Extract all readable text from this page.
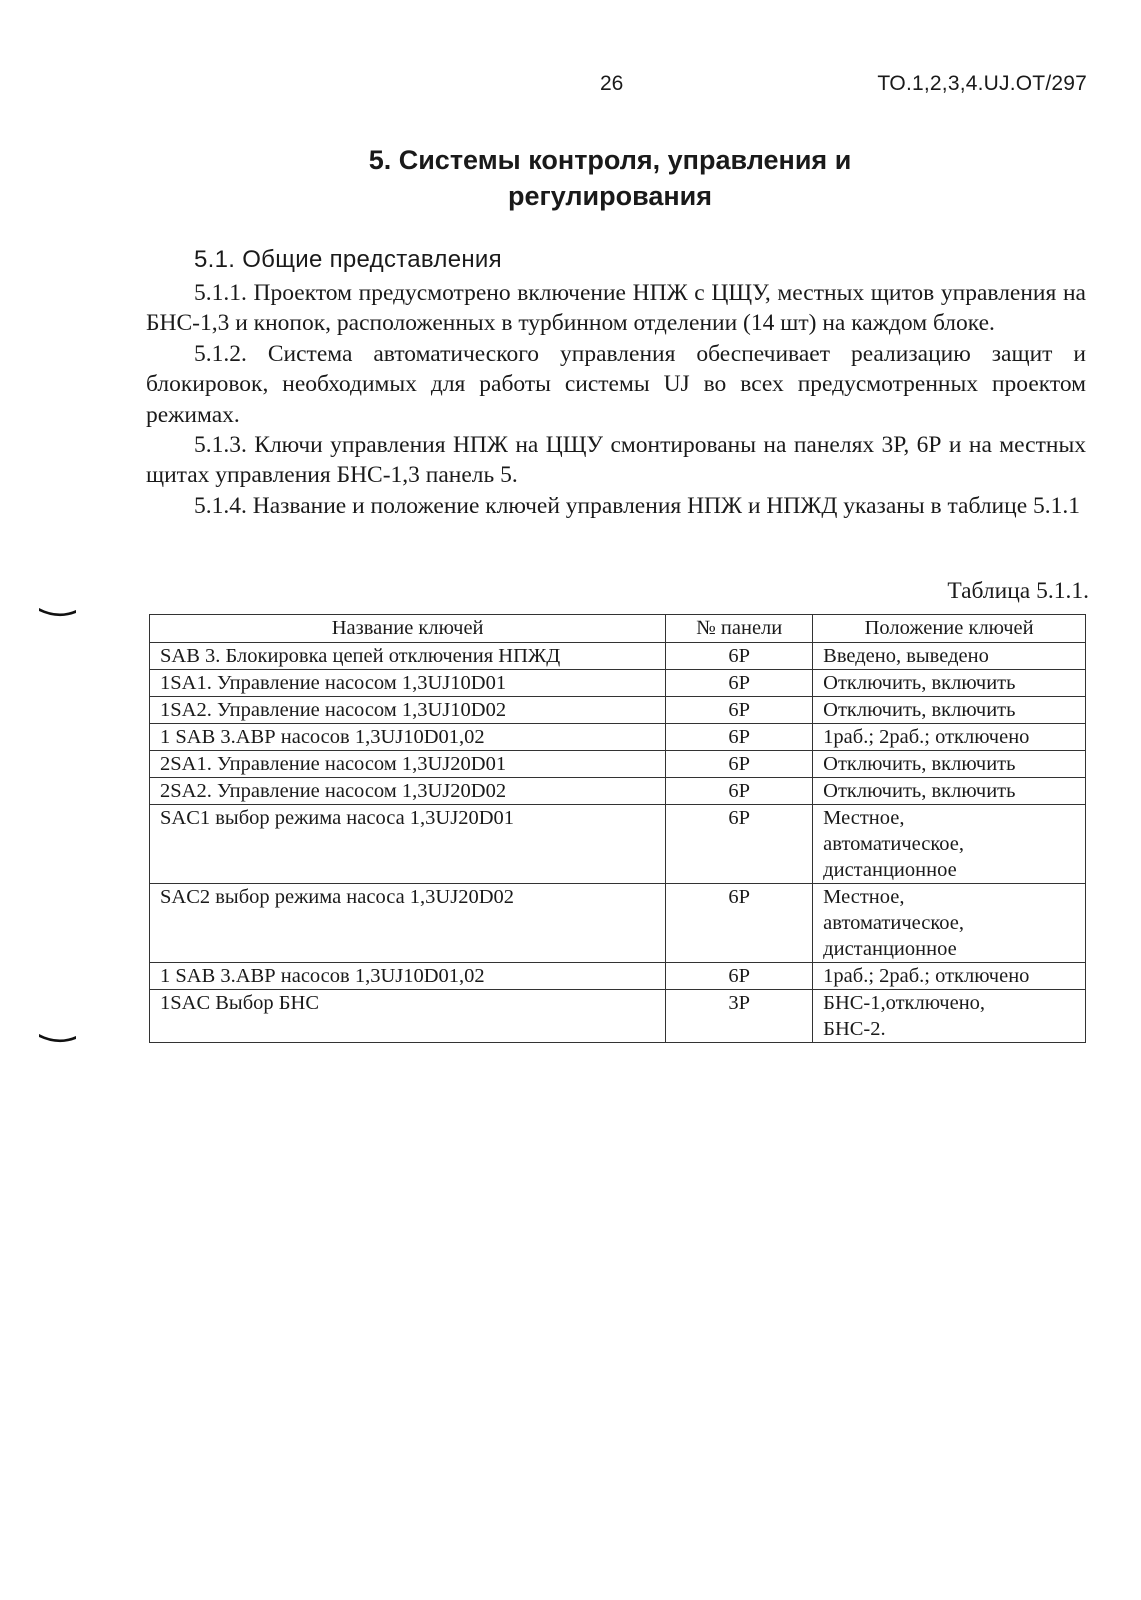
26	ТО.1,2,3,4.UJ.OT/297
5. Системы контроля, управления и
регулирования
5.1. Общие представления

5.1.1. Проектом предусмотрено включение НПЖ с ЦЩУ, местных щитов управления на БНС-1,3 и кнопок, расположенных в турбинном отделении (14 шт) на каждом блоке.

5.1.2. Система автоматического управления обеспечивает реализацию защит и блокировок, необходимых для работы системы UJ во всех предусмотренных проектом режимах.

5.1.3. Ключи управления НПЖ на ЦЩУ смонтированы на панелях 3Р, 6Р и на местных щитах управления БНС-1,3 панель 5.

5.1.4. Название и положение ключей управления НПЖ и НПЖД указаны в таблице 5.1.1

Таблица 5.1.1.
Название ключей	№ панели	Положение ключей
SAB 3. Блокировка цепей отключения НПЖД	6Р	Введено, выведено
1SA1. Управление насосом 1,3UJ10D01	6Р	Отключить, включить
1SA2. Управление насосом 1,3UJ10D02	6Р	Отключить, включить
1 SAB 3.АВР насосов 1,3UJ10D01,02	6Р	1раб.; 2раб.; отключено
2SA1. Управление насосом 1,3UJ20D01	6Р	Отключить, включить
2SA2. Управление насосом 1,3UJ20D02	6Р	Отключить, включить
SAC1 выбор режима насоса 1,3UJ20D01	6Р	Местное,
автоматическое,
дистанционное

SAC2 выбор режима насоса 1,3UJ20D02	6Р	Местное,
автоматическое,
дистанционное

1 SAB 3.АВР насосов 1,3UJ10D01,02	6Р	1раб.; 2раб.; отключено
1SAC Выбор БНС	3Р	БНС-1,отключено,
БНС-2.
